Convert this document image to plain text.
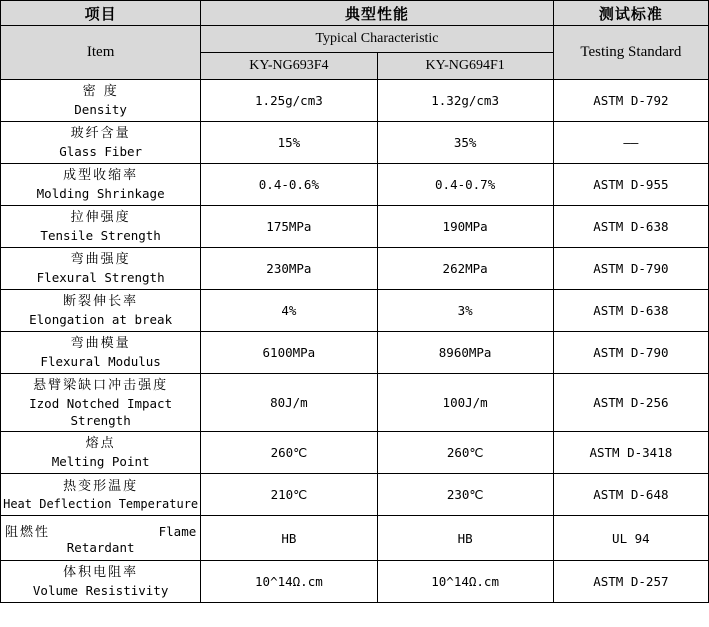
项目	典型性能		测试标准
Item	Typical Characteristic		Testing Standard
	KY-NG693F4	KY-NG694F1	

密 度
Density	1.25g/cm3	1.32g/cm3	ASTM D-792

玻纤含量
Glass Fiber	15%	35%	——

成型收缩率
Molding Shrinkage	0.4-0.6%	0.4-0.7%	ASTM D-955

拉伸强度
Tensile Strength	175MPa	190MPa	ASTM D-638

弯曲强度
Flexural Strength	230MPa	262MPa	ASTM D-790

断裂伸长率
Elongation at break	4%	3%	ASTM D-638

弯曲模量
Flexural Modulus	6100MPa	8960MPa	ASTM D-790

悬臂梁缺口冲击强度
Izod Notched Impact Strength	80J/m	100J/m	ASTM D-256

熔点
Melting Point	260℃	260℃	ASTM D-3418

热变形温度
Heat Deflection Temperature	210℃	230℃	ASTM D-648

阻燃性 Flame
Retardant	HB	HB	UL 94

体积电阻率
Volume Resistivity	10^14Ω.cm	10^14Ω.cm	ASTM D-257
